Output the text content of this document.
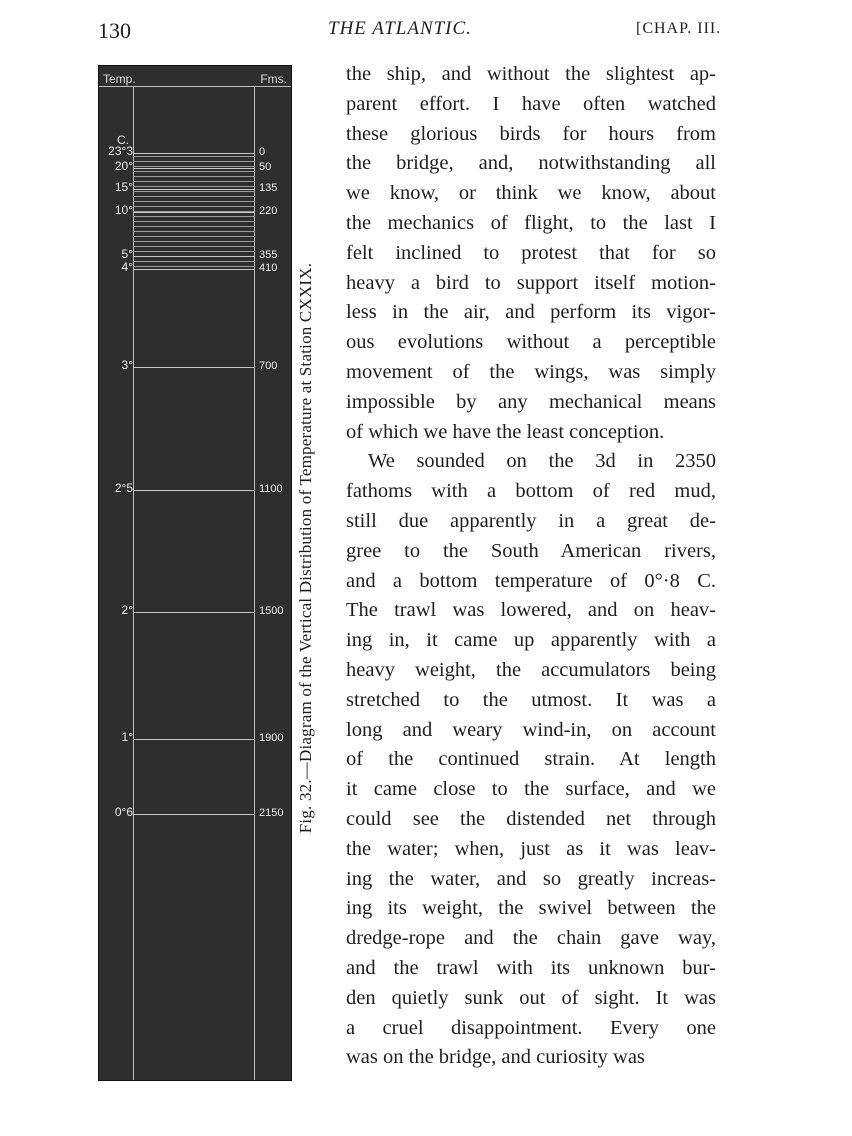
130	THE ATLANTIC.	[CHAP. III.
Temp.	Fms.
C.
23°3	0
20°	50
15°	135
10°	220
5°	355
4°	410
3°	700
2°5	1100
2°	1500
1°	1900
0°6	2150 Fig. 32.—Diagram of the Vertical Distribution of Temperature at Station CXXIX.
the ship, and without the slightest ap-
parent effort. I have often watched
these glorious birds for hours from
the bridge, and, notwithstanding all
we know, or think we know, about
the mechanics of flight, to the last I
felt inclined to protest that for so
heavy a bird to support itself motion-
less in the air, and perform its vigor-
ous evolutions without a perceptible
movement of the wings, was simply
impossible by any mechanical means
of which we have the least conception.
We sounded on the 3d in 2350
fathoms with a bottom of red mud,
still due apparently in a great de-
gree to the South American rivers,
and a bottom temperature of 0°·8 C.
The trawl was lowered, and on heav-
ing in, it came up apparently with a
heavy weight, the accumulators being
stretched to the utmost. It was a
long and weary wind-in, on account
of the continued strain. At length
it came close to the surface, and we
could see the distended net through
the water; when, just as it was leav-
ing the water, and so greatly increas-
ing its weight, the swivel between the
dredge-rope and the chain gave way,
and the trawl with its unknown bur-
den quietly sunk out of sight. It was
a cruel disappointment. Every one
was on the bridge, and curiosity was
